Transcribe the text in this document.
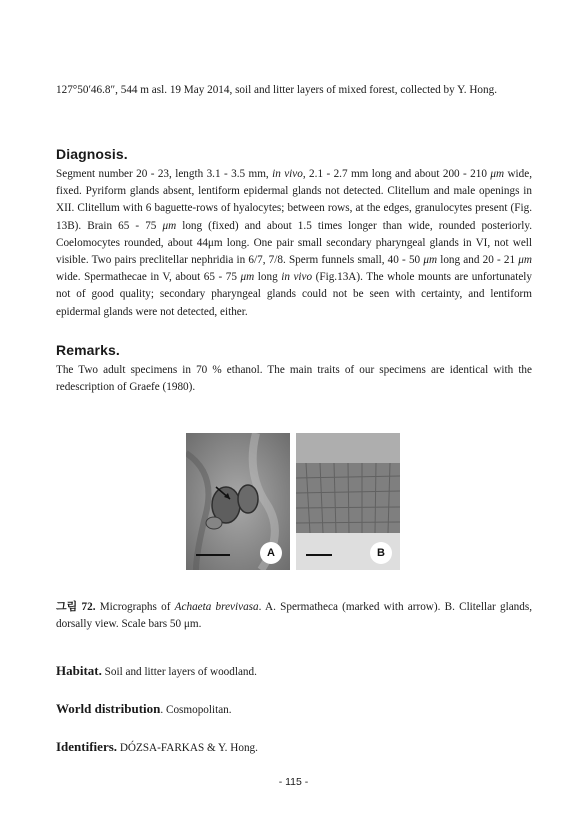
127°50′46.8″, 544 m asl. 19 May 2014, soil and litter layers of mixed forest, collected by Y. Hong.

Diagnosis.

Segment number 20 - 23, length 3.1 - 3.5 mm, in vivo, 2.1 - 2.7 mm long and about 200 - 210 μm wide, fixed. Pyriform glands absent, lentiform epidermal glands not detected. Clitellum and male openings in XII. Clitellum with 6 baguette-rows of hyalocytes; between rows, at the edges, granulocytes present (Fig. 13B). Brain 65 - 75 μm long (fixed) and about 1.5 times longer than wide, rounded posteriorly. Coelomocytes rounded, about 44μm long. One pair small secondary pharyngeal glands in VI, not well visible. Two pairs preclitellar nephridia in 6/7, 7/8. Sperm funnels small, 40 - 50 μm long and 20 - 21 μm wide. Spermathecae in V, about 65 - 75 μm long in vivo (Fig.13A). The whole mounts are unfortunately not of good quality; secondary pharyngeal glands could not be seen with certainty, and lentiform epidermal glands were not detected, either.

Remarks.

The Two adult specimens in 70 % ethanol. The main traits of our specimens are identical with the redescription of Graefe (1980).

A	B

그림 72. Micrographs of Achaeta brevivasa. A. Spermatheca (marked with arrow). B. Clitellar glands, dorsally view. Scale bars 50 μm.

Habitat. Soil and litter layers of woodland.

World distribution. Cosmopolitan.

Identifiers. DÓZSA-FARKAS & Y. Hong.

- 115 -
